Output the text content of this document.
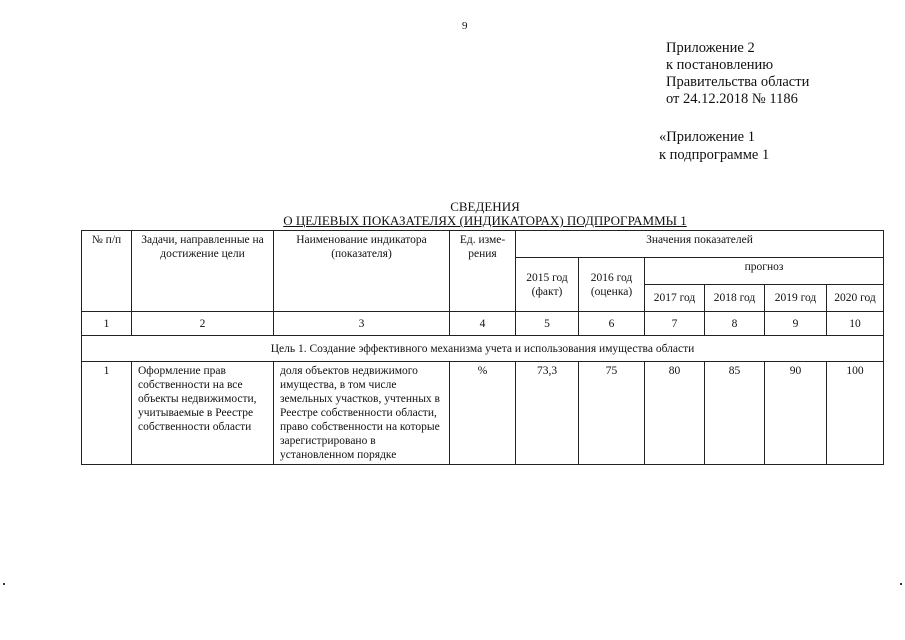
9
Приложение 2
к постановлению
Правительства области
от 24.12.2018 № 1186
«Приложение 1
к подпрограмме 1
СВЕДЕНИЯ
О ЦЕЛЕВЫХ ПОКАЗАТЕЛЯХ (ИНДИКАТОРАХ) ПОДПРОГРАММЫ 1
№ п/п	Задачи, направленные на достижение цели	Наименование индикатора (показателя)	Ед. изме-рения	Значения показателей					
				2015 год (факт)	2016 год (оценка)	прогноз			
						2017 год	2018 год	2019 год	2020 год
1	2	3	4	5	6	7	8	9	10
Цель 1. Создание эффективного механизма учета и использования имущества области									
1	Оформление прав собственности на все объекты недвижимости, учитываемые в Реестре собственности области	доля объектов недвижимого имущества, в том числе земельных участков, учтенных в Реестре собственности области, право собственности на которые зарегистрировано в установленном порядке	%	73,3	75	80	85	90	100
